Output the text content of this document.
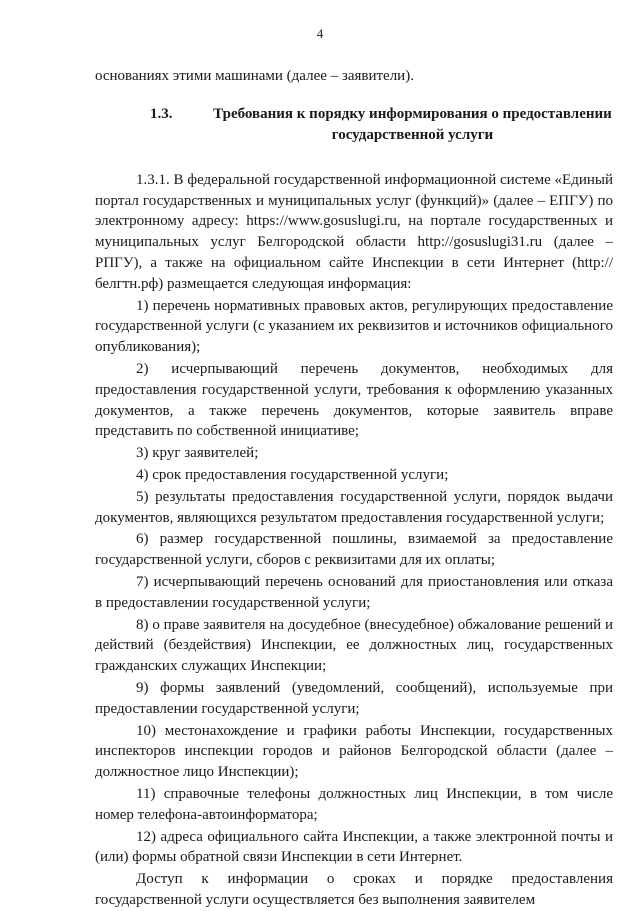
4

основаниях этими машинами (далее – заявители).

1.3.	Требования к порядку информирования о предоставлении государственной услуги

1.3.1. В федеральной государственной информационной системе «Единый портал государственных и муниципальных услуг (функций)» (далее – ЕПГУ) по электронному адресу: https://www.gosuslugi.ru, на портале государственных и муниципальных услуг Белгородской области http://gosuslugi31.ru (далее – РПГУ), а также на официальном сайте Инспекции в сети Интернет (http://белгтн.рф) размещается следующая информация:

1) перечень нормативных правовых актов, регулирующих предоставление государственной услуги (с указанием их реквизитов и источников официального опубликования);

2) исчерпывающий перечень документов, необходимых для предоставления государственной услуги, требования к оформлению указанных документов, а также перечень документов, которые заявитель вправе представить по собственной инициативе;

3) круг заявителей;

4) срок предоставления государственной услуги;

5) результаты предоставления государственной услуги, порядок выдачи документов, являющихся результатом предоставления государственной услуги;

6) размер государственной пошлины, взимаемой за предоставление государственной услуги, сборов с реквизитами для их оплаты;

7) исчерпывающий перечень оснований для приостановления или отказа в предоставлении государственной услуги;

8) о праве заявителя на досудебное (внесудебное) обжалование решений и действий (бездействия) Инспекции, ее должностных лиц, государственных гражданских служащих Инспекции;

9) формы заявлений (уведомлений, сообщений), используемые при предоставлении государственной услуги;

10) местонахождение и графики работы Инспекции, государственных инспекторов инспекции городов и районов Белгородской области (далее – должностное лицо Инспекции);

11) справочные телефоны должностных лиц Инспекции, в том числе номер телефона-автоинформатора;

12) адреса официального сайта Инспекции, а также электронной почты и (или) формы обратной связи Инспекции в сети Интернет.

Доступ к информации о сроках и порядке предоставления государственной услуги осуществляется без выполнения заявителем
